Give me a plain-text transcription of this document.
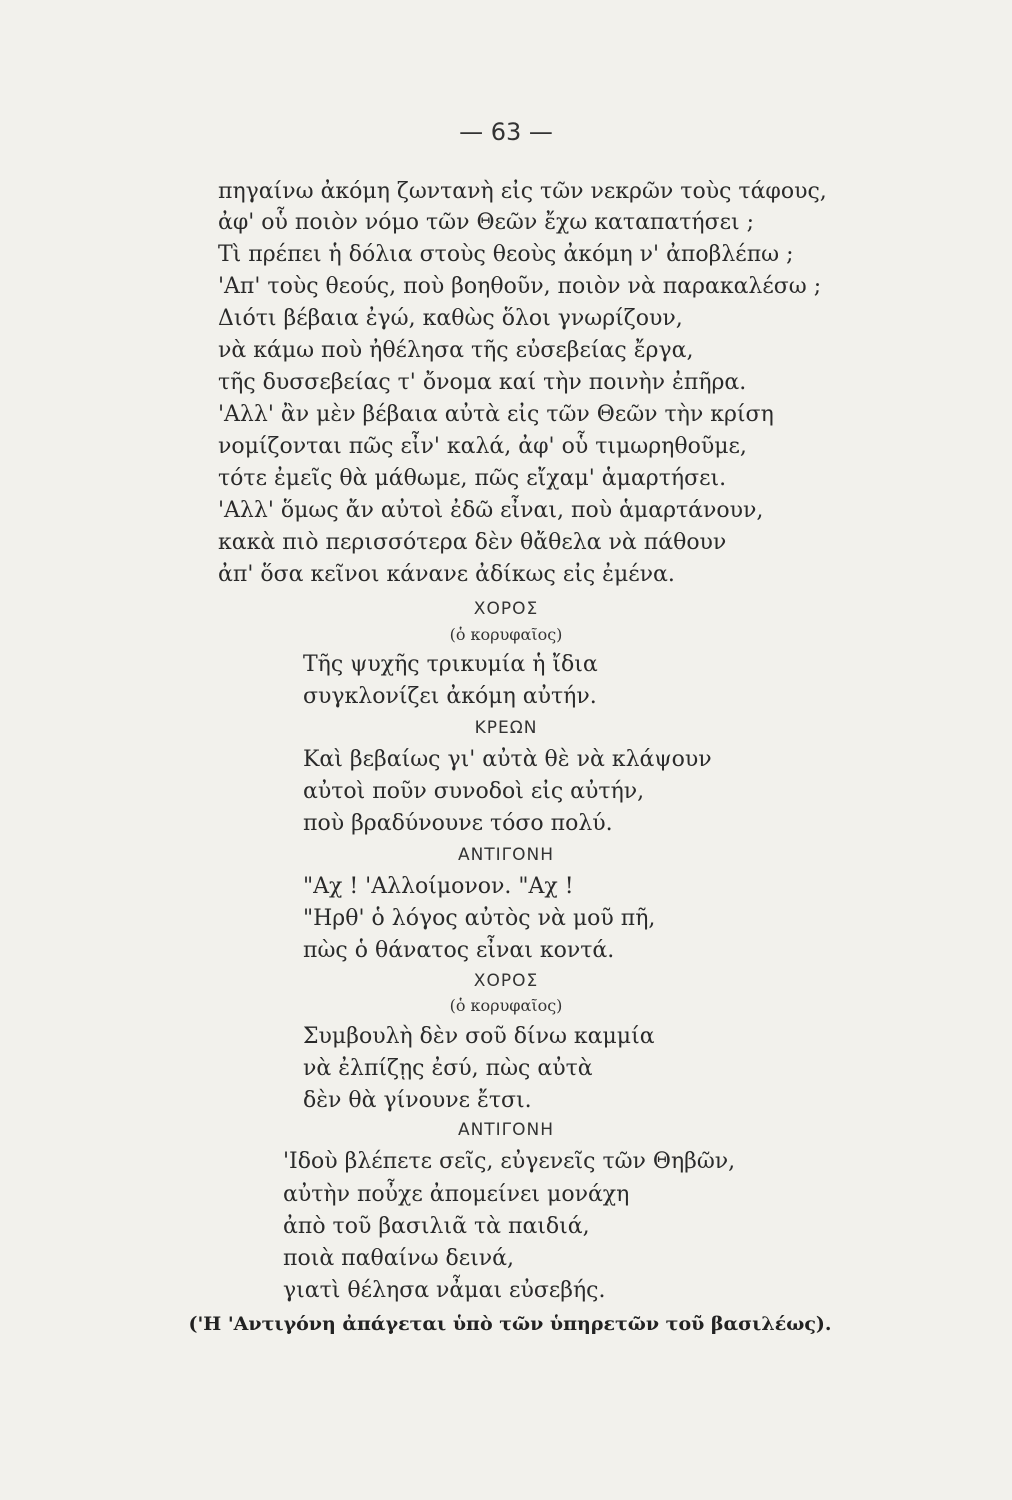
— 63 —
πηγαίνω ἀκόμη ζωντανὴ εἰς τῶν νεκρῶν τοὺς τάφους,
ἀφ' οὗ ποιὸν νόμο τῶν Θεῶν ἔχω καταπατήσει ;
Τὶ πρέπει ἡ δόλια στοὺς θεοὺς ἀκόμη ν' ἀποβλέπω ;
'Απ' τοὺς θεούς, ποὺ βοηθοῦν, ποιὸν νὰ παρακαλέσω ;
Διότι βέβαια ἐγώ, καθὼς ὅλοι γνωρίζουν,
νὰ κάμω ποὺ ἠθέλησα τῆς εὐσεβείας ἔργα,
τῆς δυσσεβείας τ' ὄνομα καί τὴν ποινὴν ἐπῆρα.
'Αλλ' ἂν μὲν βέβαια αὐτὰ εἰς τῶν Θεῶν τὴν κρίση
νομίζονται πῶς εἶν' καλά, ἀφ' οὗ τιμωρηθοῦμε,
τότε ἐμεῖς θὰ μάθωμε, πῶς εἴχαμ' ἁμαρτήσει.
'Αλλ' ὅμως ἄν αὐτοὶ ἐδῶ εἶναι, ποὺ ἁμαρτάνουν,
κακὰ πιὸ περισσότερα δὲν θἄθελα νὰ πάθουν
ἀπ' ὅσα κεῖνοι κάνανε ἀδίκως εἰς ἐμένα.
ΧΟΡΟΣ
(ὁ κορυφαῖος)
Τῆς ψυχῆς τρικυμία ἡ ἴδια
συγκλονίζει ἀκόμη αὐτήν.
ΚΡΕΩΝ
Καὶ βεβαίως γι' αὐτὰ θὲ νὰ κλάψουν
αὐτοὶ ποῦν συνοδοὶ εἰς αὐτήν,
ποὺ βραδύνουνε τόσο πολύ.
ΑΝΤΙΓΟΝΗ
"Αχ ! 'Αλλοίμονον. "Αχ !
"Ηρθ' ὁ λόγος αὐτὸς νὰ μοῦ πῆ,
πὼς ὁ θάνατος εἶναι κοντά.
ΧΟΡΟΣ
(ὁ κορυφαῖος)
Συμβουλὴ δὲν σοῦ δίνω καμμία
νὰ ἐλπίζῃς ἐσύ, πὼς αὐτὰ
δὲν θὰ γίνουνε ἔτσι.
ΑΝΤΙΓΟΝΗ
'Ιδοὺ βλέπετε σεῖς, εὐγενεῖς τῶν Θηβῶν,
αὐτὴν ποὖχε ἀπομείνει μονάχη
ἀπὸ τοῦ βασιλιᾶ τὰ παιδιά,
ποιὰ παθαίνω δεινά,
γιατὶ θέλησα νἆμαι εὐσεβής.
('Η 'Αντιγόνη ἀπάγεται ὑπὸ τῶν ὑπηρετῶν τοῦ βασιλέως).
